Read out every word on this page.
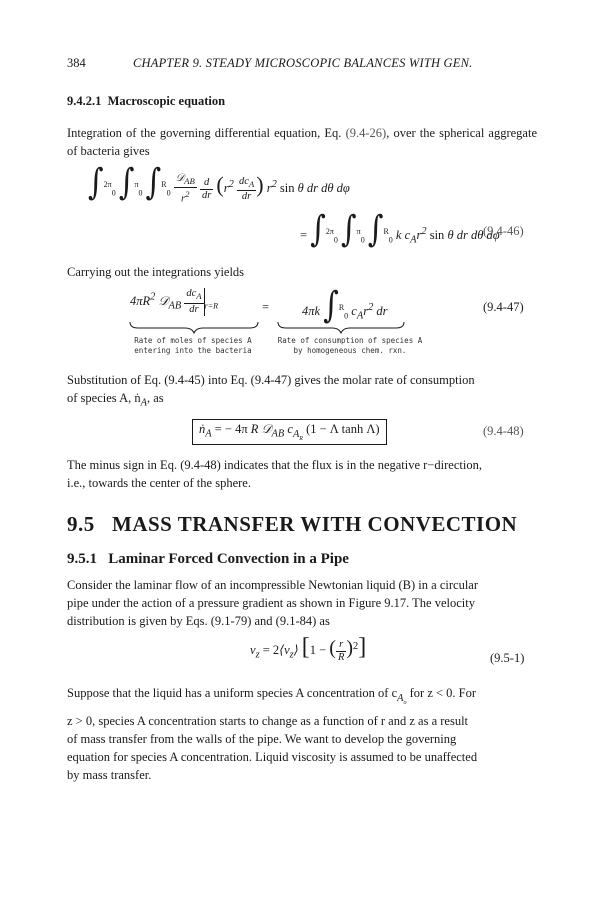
384	CHAPTER 9. STEADY MICROSCOPIC BALANCES WITH GEN.
9.4.2.1 Macroscopic equation
Integration of the governing differential equation, Eq. (9.4-26), over the spherical aggregate of bacteria gives
∫$^{2\pi}_0$ ∫$^\pi_0$ $\int^R_0 \frac{𝒟_{AB}}{r^2}$
$\frac{d}{dr} (r^2 \frac{dc_A}{dr}$ ) $r^2$ sin θ dr dθ dφ
= ∫$^{2\pi}_0$ ∫$^\pi_0$ ∫$^R_0$ k $c_Ar^2$ sin θ dr dθ dφ
(9.4-46)
Carrying out the integrations yields
$4\pi R^2$ 𝒟$_{AB}$ $\frac{dc_A}{dr} _{r=R}$	=	4πk ∫$^R_0$ $c_Ar^2$ dr	(9.4-47)
Rate of moles of species A
entering into the bacteria
Rate of consumption of species A
by homogeneous chem. rxn.
Substitution of Eq. (9.4-45) into Eq. (9.4-47) gives the molar rate of consumption
of species A, ṅ$_A$, as
ṅ$_A$ = − 4π R 𝒟$_{AB}$ $c_{A_R}$ (1 − Λ tanh Λ)	(9.4-48)
The minus sign in Eq. (9.4-48) indicates that the flux is in the negative r−direction,
i.e., towards the center of the sphere.
9.5 MASS TRANSFER WITH CONVECTION
9.5.1 Laminar Forced Convection in a Pipe
Consider the laminar flow of an incompressible Newtonian liquid (B) in a circular
pipe under the action of a pressure gradient as shown in Figure 9.17. The velocity
distribution is given by Eqs. (9.1-79) and (9.1-84) as
$v_z$ = $2⟨v_z⟩$ [1 − ( $\frac{r}{R} )^2$]	(9.5-1)
Suppose that the liquid has a uniform species A concentration of $c_{A_o}$ for z < 0. For
z > 0, species A concentration starts to change as a function of r and z as a result
of mass transfer from the walls of the pipe. We want to develop the governing
equation for species A concentration. Liquid viscosity is assumed to be unaffected
by mass transfer.
